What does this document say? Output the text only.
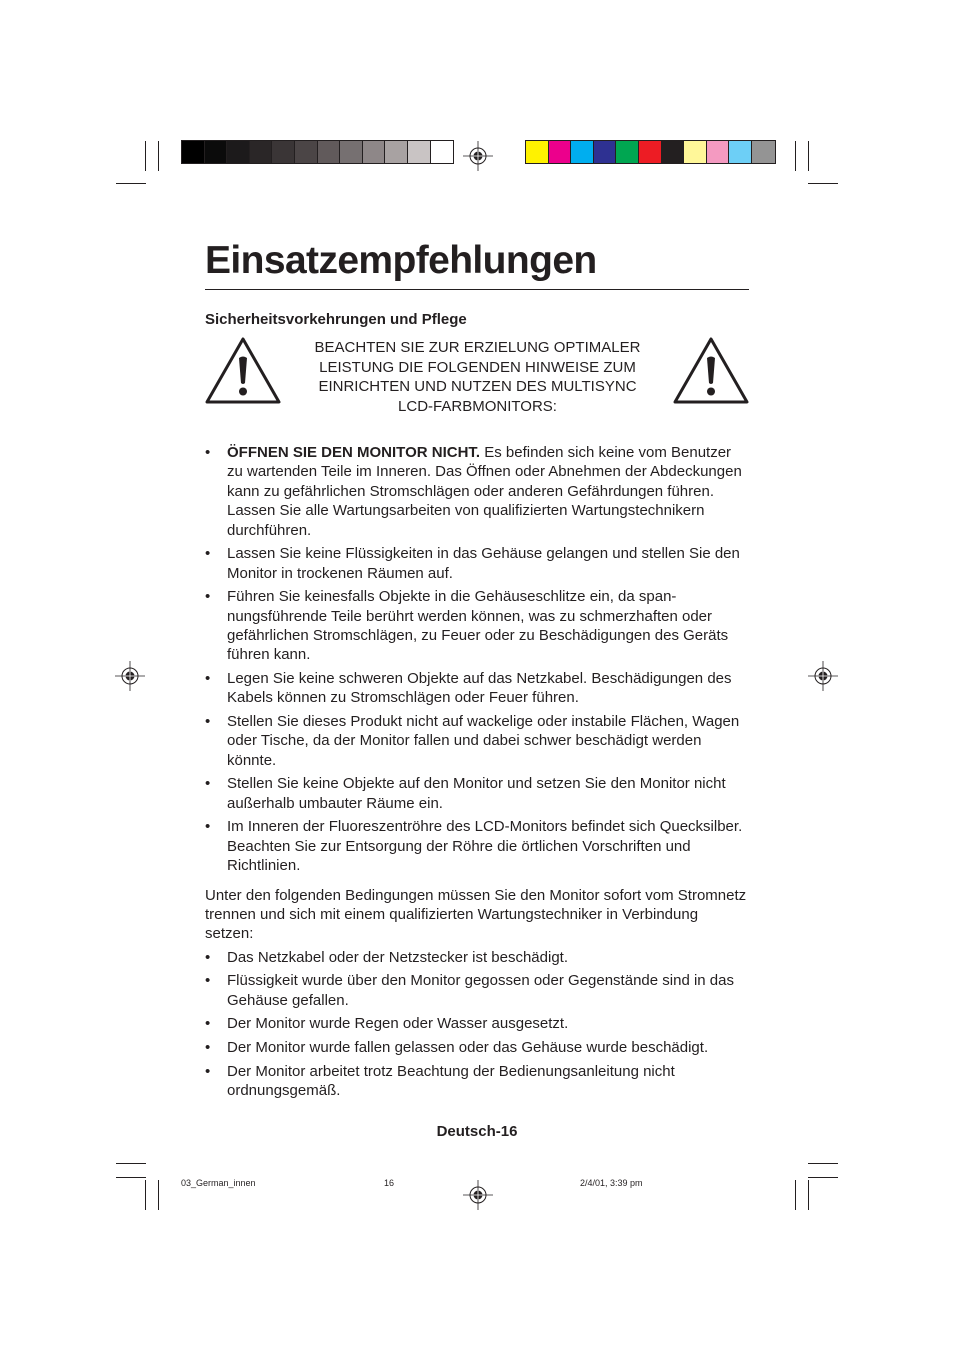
Einsatzempfehlungen
Sicherheitsvorkehrungen und Pflege
BEACHTEN SIE ZUR ERZIELUNG OPTIMALER
LEISTUNG DIE FOLGENDEN HINWEISE ZUM
EINRICHTEN UND NUTZEN DES MULTISYNC
LCD-FARBMONITORS:
• ÖFFNEN SIE DEN MONITOR NICHT. Es befinden sich keine vom Benutzer zu wartenden Teile im Inneren. Das Öffnen oder Abnehmen der Abdeckungen kann zu gefährlichen Stromschlägen oder anderen Gefährdungen führen. Lassen Sie alle Wartungsarbeiten von qualifizierten Wartungstechnikern durchführen.
• Lassen Sie keine Flüssigkeiten in das Gehäuse gelangen und stellen Sie den Monitor in trockenen Räumen auf.
• Führen Sie keinesfalls Objekte in die Gehäuseschlitze ein, da span-nungsführende Teile berührt werden können, was zu schmerzhaften oder gefährlichen Stromschlägen, zu Feuer oder zu Beschädigungen des Geräts führen kann.
• Legen Sie keine schweren Objekte auf das Netzkabel. Beschädigungen des Kabels können zu Stromschlägen oder Feuer führen.
• Stellen Sie dieses Produkt nicht auf wackelige oder instabile Flächen, Wagen oder Tische, da der Monitor fallen und dabei schwer beschädigt werden könnte.
• Stellen Sie keine Objekte auf den Monitor und setzen Sie den Monitor nicht außerhalb umbauter Räume ein.
• Im Inneren der Fluoreszentröhre des LCD-Monitors befindet sich Quecksilber. Beachten Sie zur Entsorgung der Röhre die örtlichen Vorschriften und Richtlinien.

Unter den folgenden Bedingungen müssen Sie den Monitor sofort vom Stromnetz trennen und sich mit einem qualifizierten Wartungstechniker in Verbindung setzen:

• Das Netzkabel oder der Netzstecker ist beschädigt.
• Flüssigkeit wurde über den Monitor gegossen oder Gegenstände sind in das Gehäuse gefallen.
• Der Monitor wurde Regen oder Wasser ausgesetzt.
• Der Monitor wurde fallen gelassen oder das Gehäuse wurde beschädigt.
• Der Monitor arbeitet trotz Beachtung der Bedienungsanleitung nicht ordnungsgemäß.
Deutsch-16
03_German_innen	16	2/4/01, 3:39 pm
